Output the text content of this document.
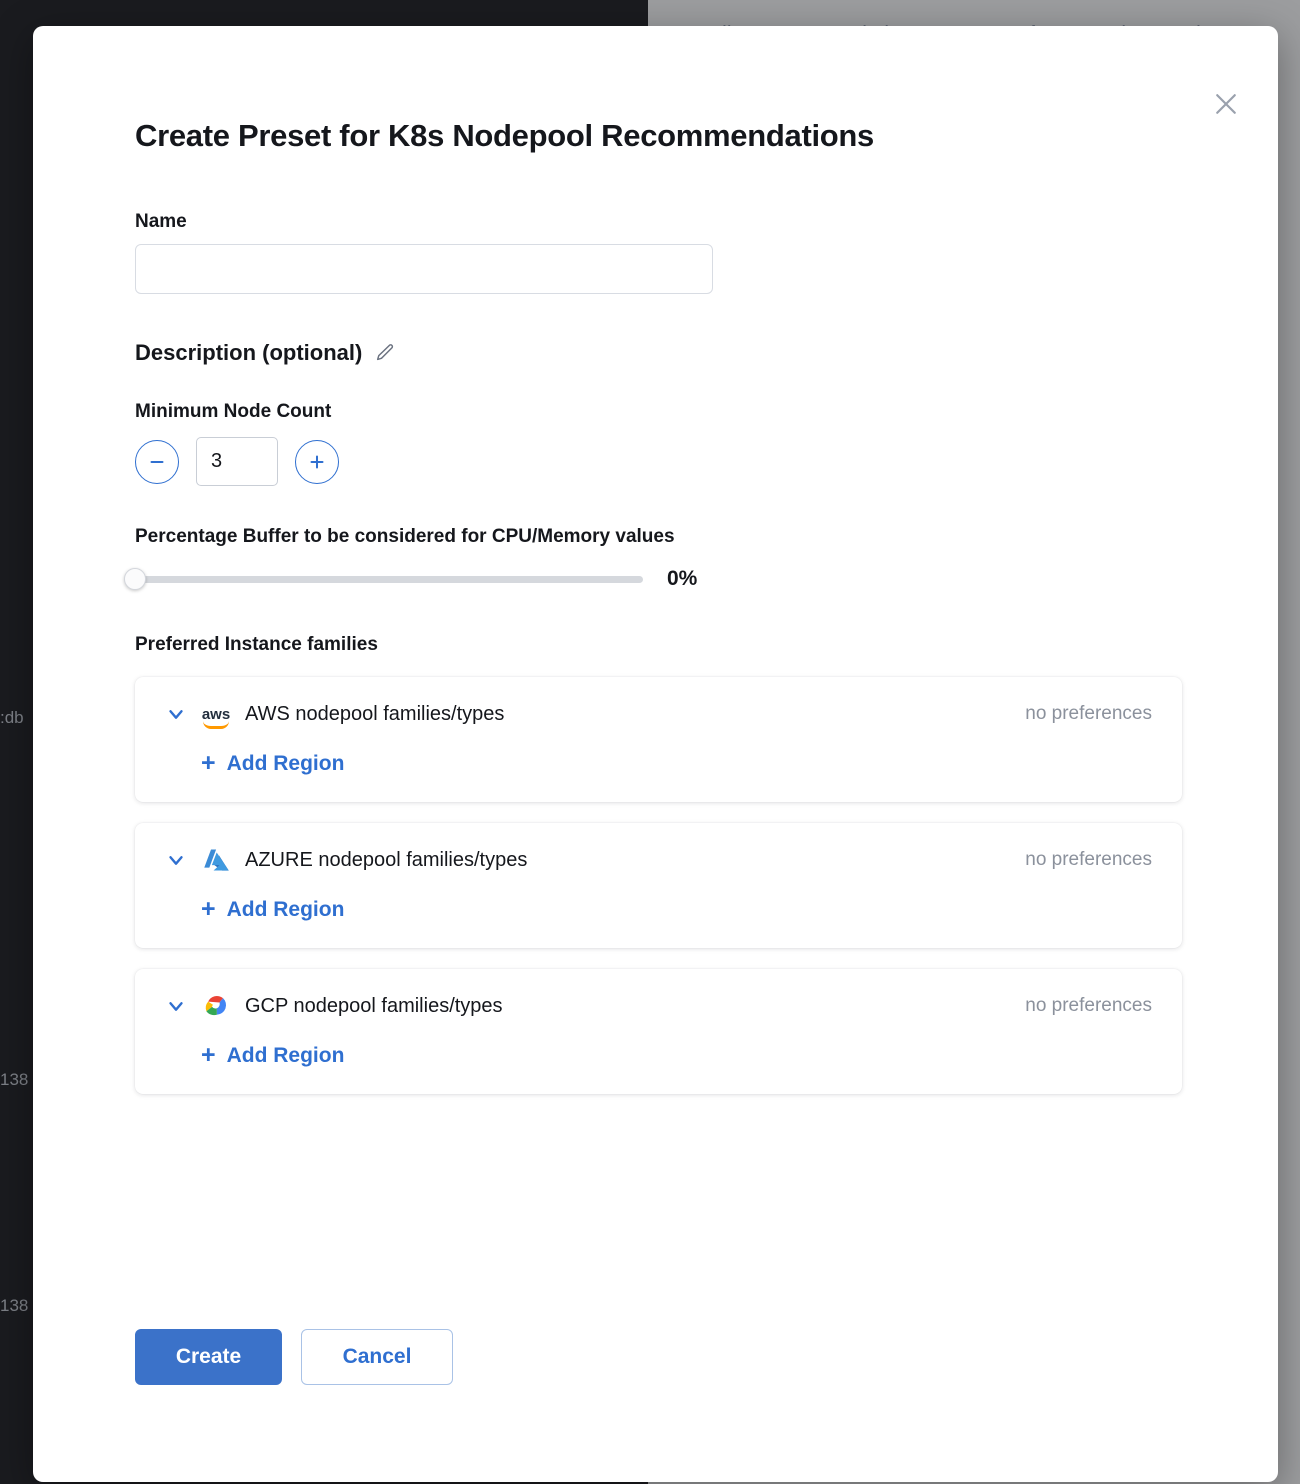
:db
138
138
Create Preset for K8s Nodepool Recommendations
Name
Description (optional)
Minimum Node Count
3
Percentage Buffer to be considered for CPU/Memory values
0%
Preferred Instance families
aws AWS nodepool families/types	no preferences
+ Add Region
AZURE nodepool families/types	no preferences
+ Add Region
GCP nodepool families/types	no preferences
+ Add Region
Create	Cancel
